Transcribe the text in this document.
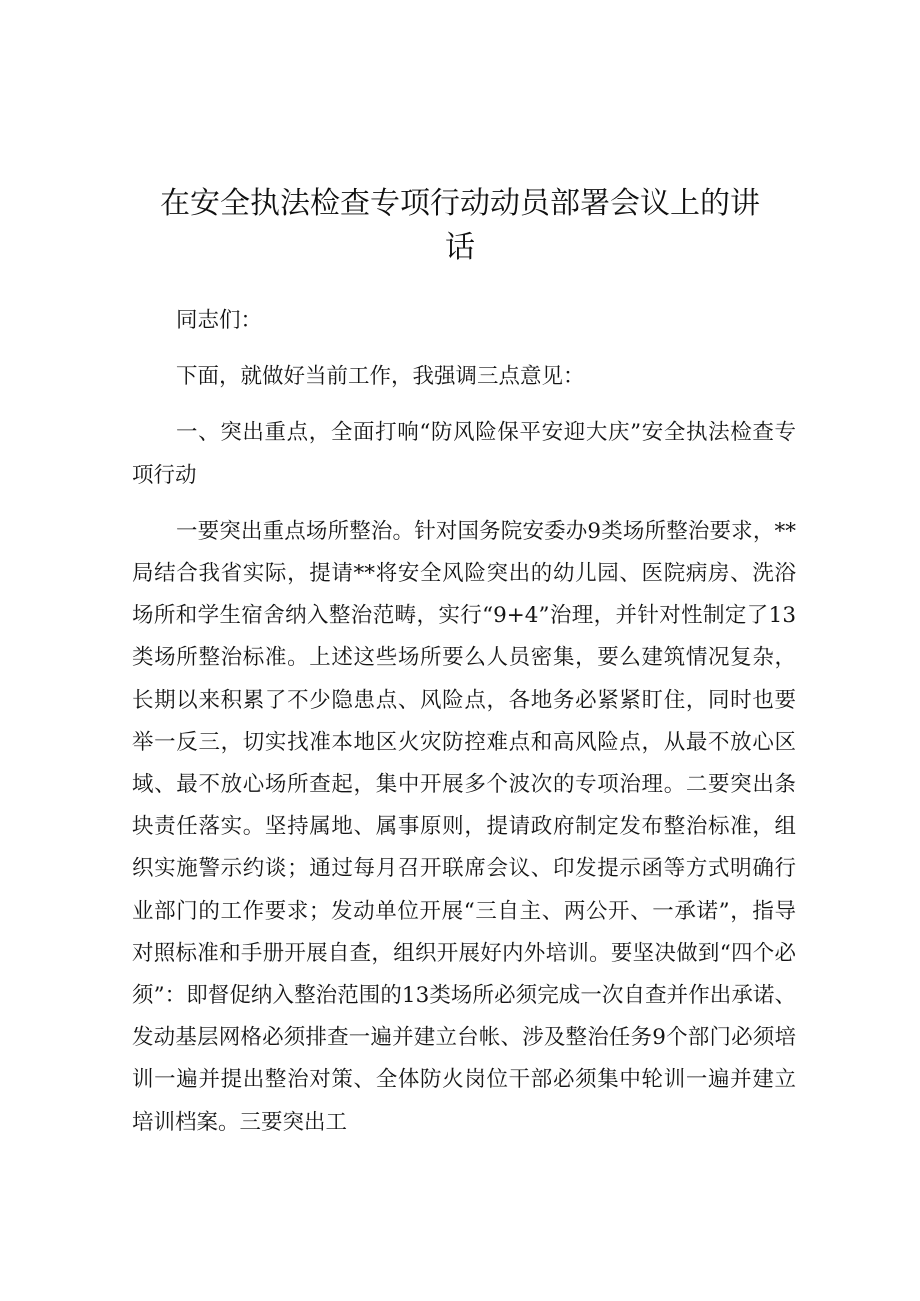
在安全执法检查专项行动动员部署会议上的讲
话

同志们：

下面，就做好当前工作，我强调三点意见：

一、突出重点，全面打响“防风险保平安迎大庆”安全执法检查专项行动

一要突出重点场所整治。针对国务院安委办9类场所整治要求，**局结合我省实际，提请**将安全风险突出的幼儿园、医院病房、洗浴场所和学生宿舍纳入整治范畴，实行“9+4”治理，并针对性制定了13类场所整治标准。上述这些场所要么人员密集，要么建筑情况复杂，长期以来积累了不少隐患点、风险点，各地务必紧紧盯住，同时也要举一反三，切实找准本地区火灾防控难点和高风险点，从最不放心区域、最不放心场所查起，集中开展多个波次的专项治理。二要突出条块责任落实。坚持属地、属事原则，提请政府制定发布整治标准，组织实施警示约谈；通过每月召开联席会议、印发提示函等方式明确行业部门的工作要求；发动单位开展“三自主、两公开、一承诺”，指导对照标准和手册开展自查，组织开展好内外培训。要坚决做到“四个必须”：即督促纳入整治范围的13类场所必须完成一次自查并作出承诺、发动基层网格必须排查一遍并建立台帐、涉及整治任务9个部门必须培训一遍并提出整治对策、全体防火岗位干部必须集中轮训一遍并建立培训档案。三要突出工
